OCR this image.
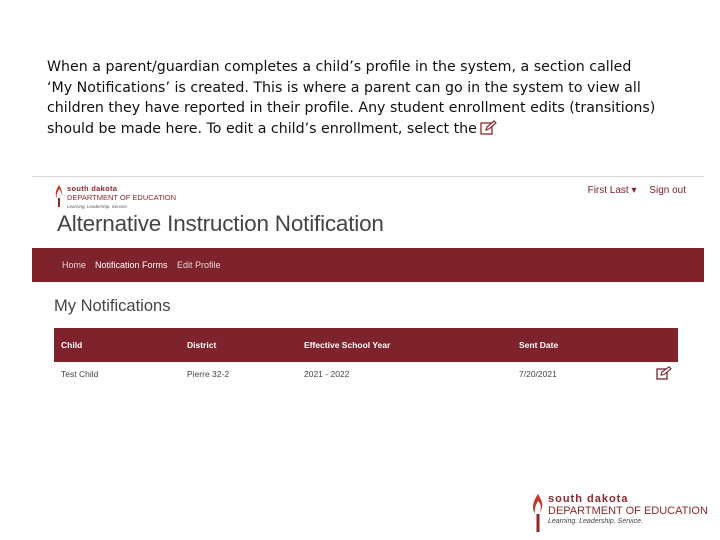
When a parent/guardian completes a child’s profile in the system, a section called
‘My Notifications’ is created. This is where a parent can go in the system to view all
children they have reported in their profile. Any student enrollment edits (transitions)
should be made here. To edit a child’s enrollment, select the
south dakota
DEPARTMENT OF EDUCATION
Learning. Leadership. Service.
First Last ▾ Sign out
Alternative Instruction Notification
Home Notification Forms Edit Profile
My Notifications
Child	District	Effective School Year	Sent Date
Test Child	Pierre 32-2	2021 - 2022	7/20/2021
south dakota
DEPARTMENT OF EDUCATION
Learning. Leadership. Service.
